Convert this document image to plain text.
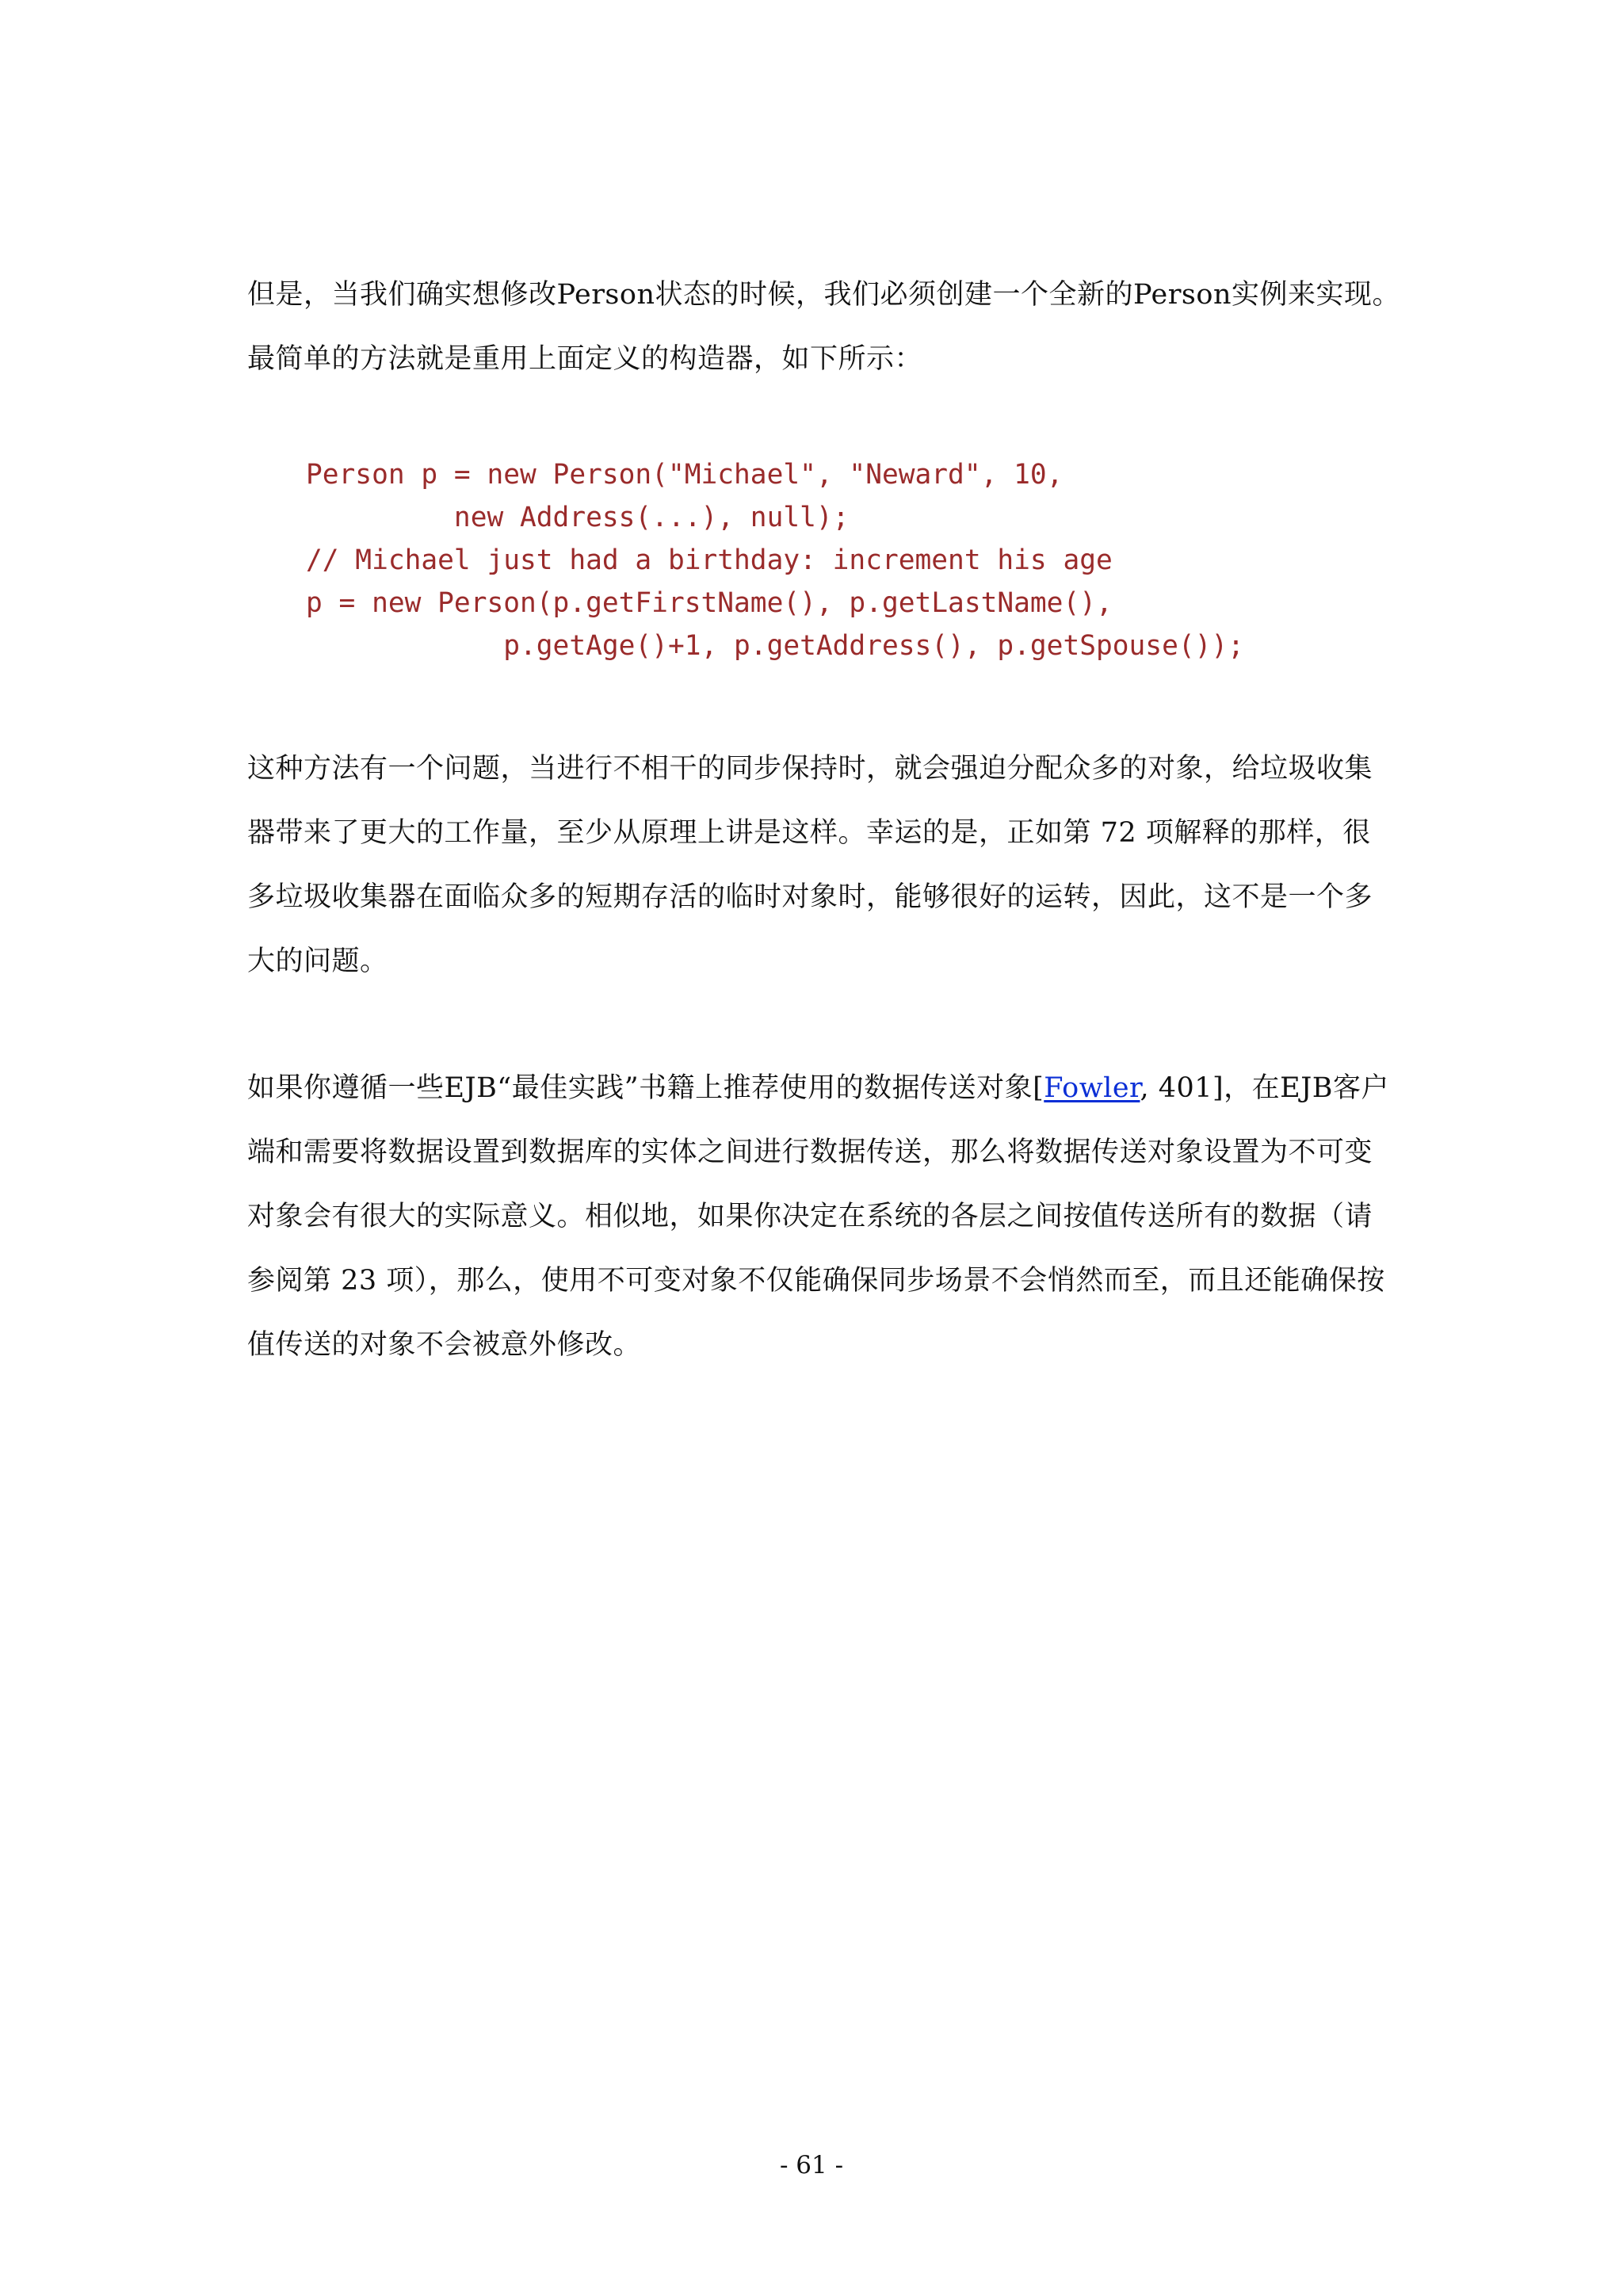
但是，当我们确实想修改Person状态的时候，我们必须创建一个全新的Person实例来实现。
最简单的方法就是重用上面定义的构造器，如下所示：

Person p = new Person("Michael", "Neward", 10,
new Address(...), null);
// Michael just had a birthday: increment his age
p = new Person(p.getFirstName(), p.getLastName(),
p.getAge()+1, p.getAddress(), p.getSpouse());

这种方法有一个问题，当进行不相干的同步保持时，就会强迫分配众多的对象，给垃圾收集
器带来了更大的工作量，至少从原理上讲是这样。幸运的是，正如第 72 项解释的那样，很
多垃圾收集器在面临众多的短期存活的临时对象时，能够很好的运转，因此，这不是一个多
大的问题。

如果你遵循一些EJB“最佳实践”书籍上推荐使用的数据传送对象[Fowler, 401]，在EJB客户
端和需要将数据设置到数据库的实体之间进行数据传送，那么将数据传送对象设置为不可变
对象会有很大的实际意义。相似地，如果你决定在系统的各层之间按值传送所有的数据（请
参阅第 23 项），那么，使用不可变对象不仅能确保同步场景不会悄然而至，而且还能确保按
值传送的对象不会被意外修改。

- 61 -
